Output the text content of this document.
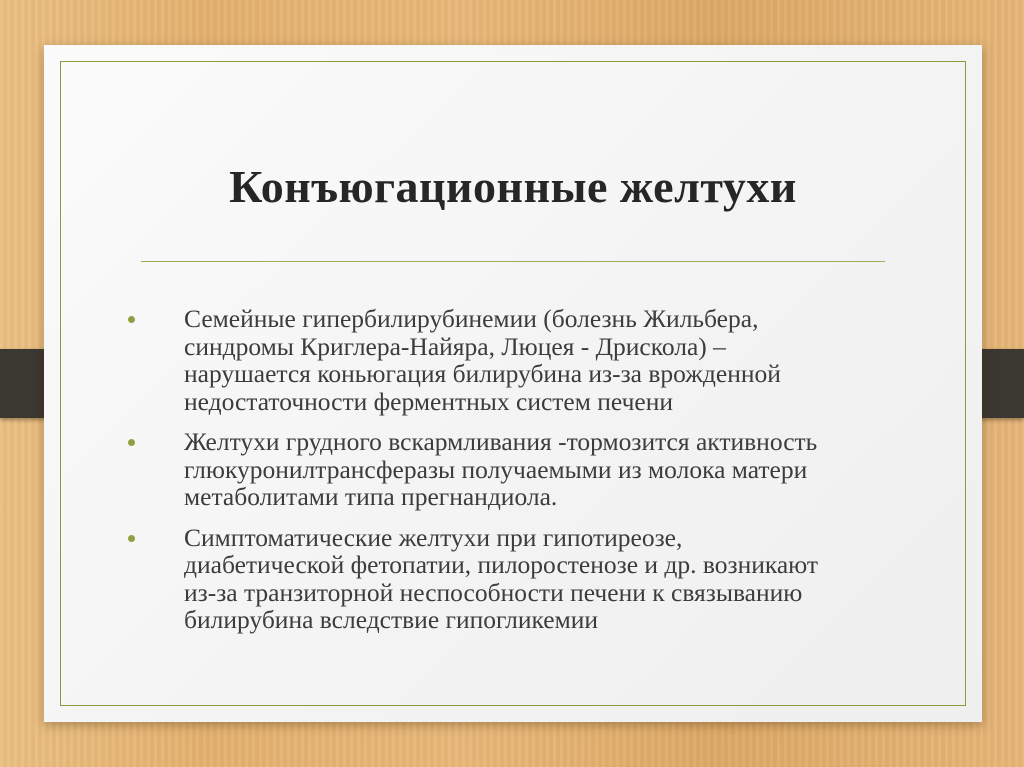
Конъюгационные желтухи
Семейные гипербилирубинемии (болезнь Жильбера, синдромы Криглера-Найяра, Люцея - Дрискола) – нарушается коньюгация билирубина из-за врожденной недостаточности ферментных систем печени
Желтухи грудного вскармливания -тормозится активность глюкуронилтрансферазы получаемыми из молока матери метаболитами типа прегнандиола.
Симптоматические желтухи при гипотиреозе, диабетической фетопатии, пилоростенозе и др. возникают из-за транзиторной неспособности печени к связыванию билирубина вследствие гипогликемии
